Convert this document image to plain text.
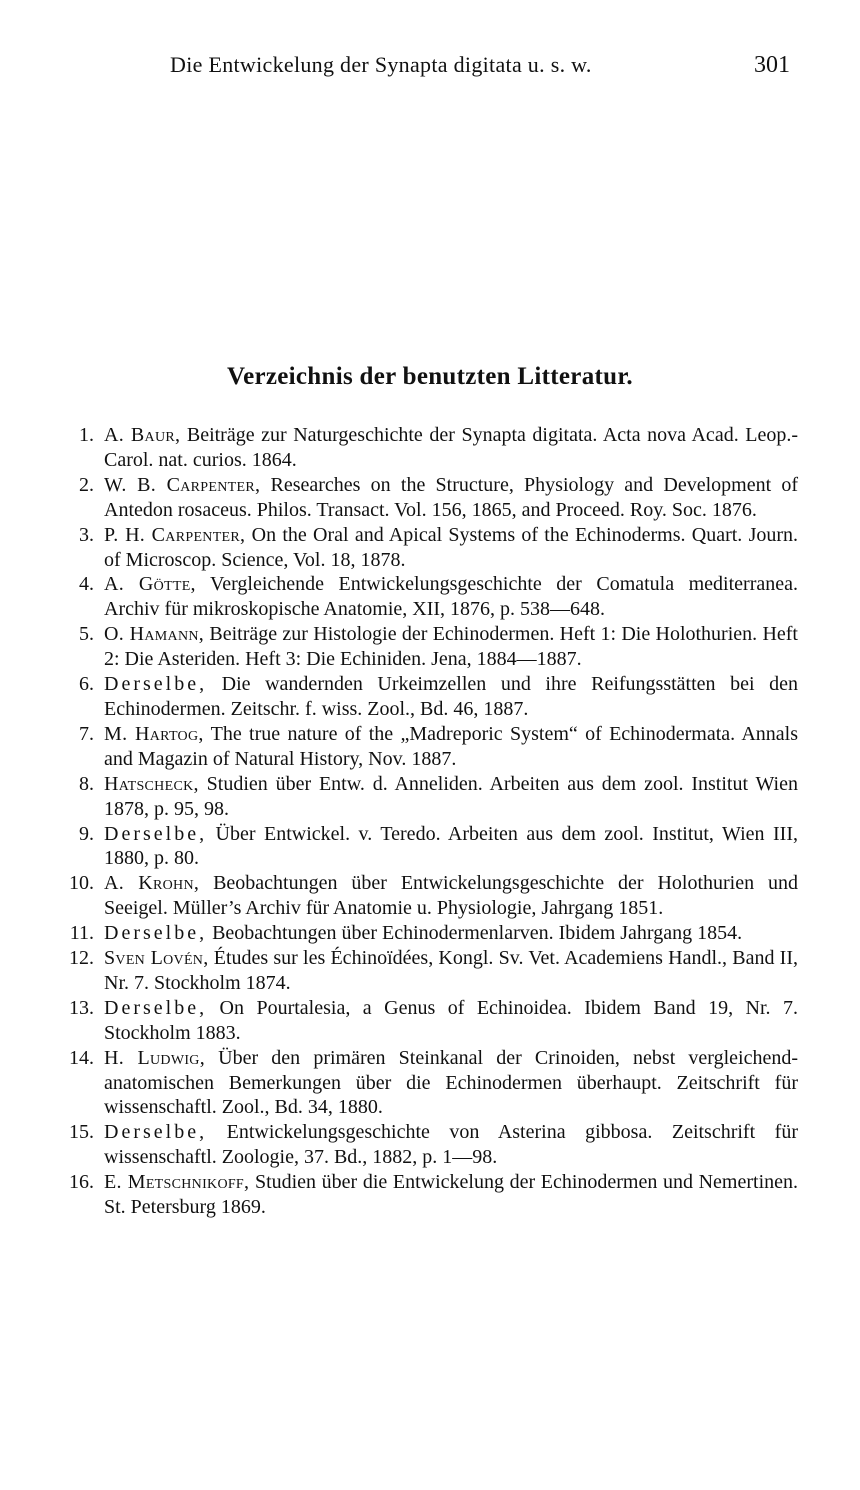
Die Entwickelung der Synapta digitata u. s. w.	301
Verzeichnis der benutzten Litteratur.
1. A. Baur, Beiträge zur Naturgeschichte der Synapta digitata. Acta nova Acad. Leop.-Carol. nat. curios. 1864.
2. W. B. Carpenter, Researches on the Structure, Physiology and Development of Antedon rosaceus. Philos. Transact. Vol. 156, 1865, and Proceed. Roy. Soc. 1876.
3. P. H. Carpenter, On the Oral and Apical Systems of the Echinoderms. Quart. Journ. of Microscop. Science, Vol. 18, 1878.
4. A. Götte, Vergleichende Entwickelungsgeschichte der Comatula mediterranea. Archiv für mikroskopische Anatomie, XII, 1876, p. 538—648.
5. O. Hamann, Beiträge zur Histologie der Echinodermen. Heft 1: Die Holothurien. Heft 2: Die Asteriden. Heft 3: Die Echiniden. Jena, 1884—1887.
6. Derselbe, Die wandernden Urkeimzellen und ihre Reifungsstätten bei den Echinodermen. Zeitschr. f. wiss. Zool., Bd. 46, 1887.
7. M. Hartog, The true nature of the „Madreporic System“ of Echinodermata. Annals and Magazin of Natural History, Nov. 1887.
8. Hatscheck, Studien über Entw. d. Anneliden. Arbeiten aus dem zool. Institut Wien 1878, p. 95, 98.
9. Derselbe, Über Entwickel. v. Teredo. Arbeiten aus dem zool. Institut, Wien III, 1880, p. 80.
10. A. Krohn, Beobachtungen über Entwickelungsgeschichte der Holothurien und Seeigel. Müller’s Archiv für Anatomie u. Physiologie, Jahrgang 1851.
11. Derselbe, Beobachtungen über Echinodermenlarven. Ibidem Jahrgang 1854.
12. Sven Lovén, Études sur les Échinoïdées, Kongl. Sv. Vet. Academiens Handl., Band II, Nr. 7. Stockholm 1874.
13. Derselbe, On Pourtalesia, a Genus of Echinoidea. Ibidem Band 19, Nr. 7. Stockholm 1883.
14. H. Ludwig, Über den primären Steinkanal der Crinoiden, nebst vergleichend-anatomischen Bemerkungen über die Echinodermen überhaupt. Zeitschrift für wissenschaftl. Zool., Bd. 34, 1880.
15. Derselbe, Entwickelungsgeschichte von Asterina gibbosa. Zeitschrift für wissenschaftl. Zoologie, 37. Bd., 1882, p. 1—98.
16. E. Metschnikoff, Studien über die Entwickelung der Echinodermen und Nemertinen. St. Petersburg 1869.
